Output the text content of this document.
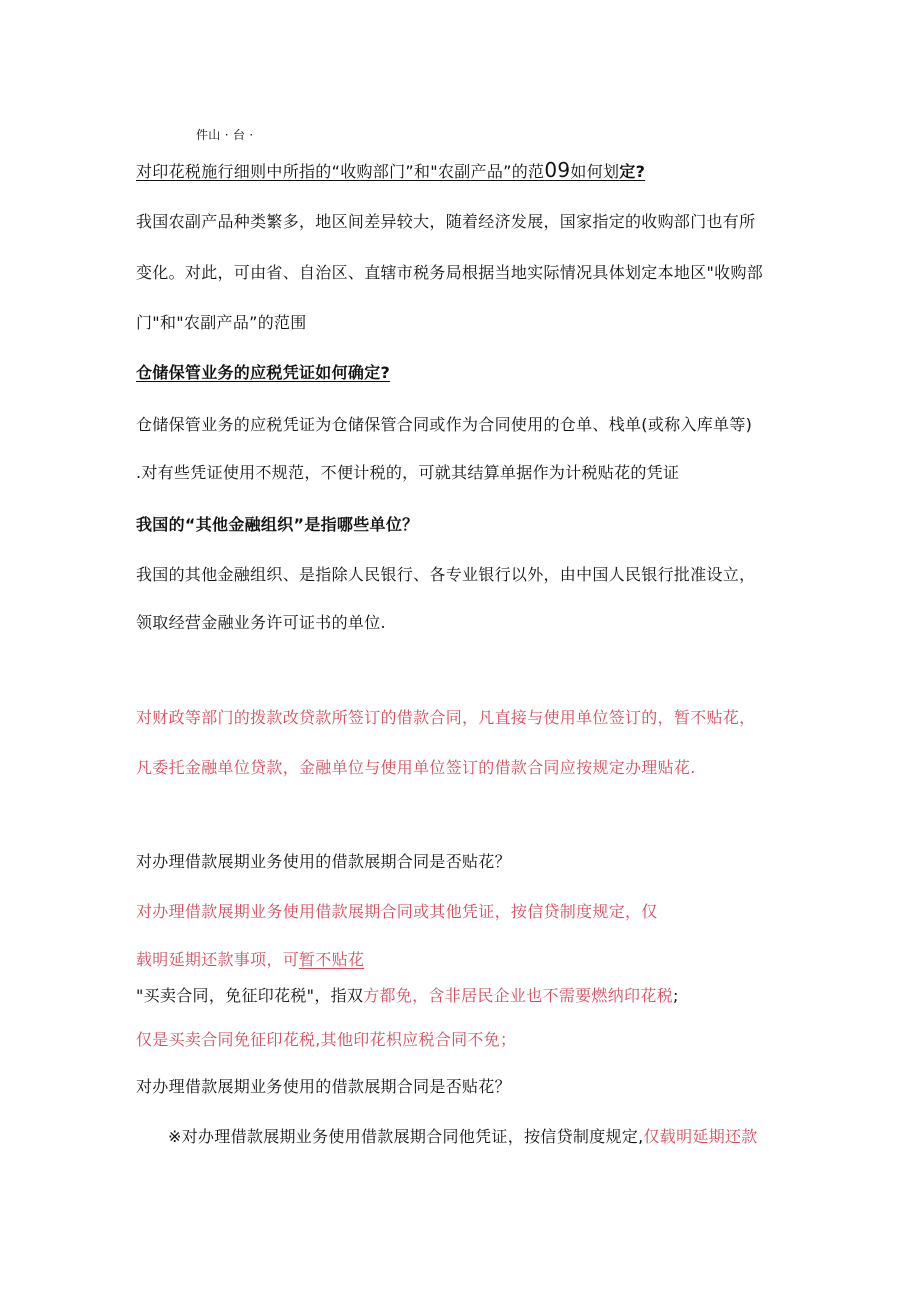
件山 · 台 ·
对印花税施行细则中所指的“收购部门”和"农副产品”的范09如何划定?
我国农副产品种类繁多，地区间差异较大，随着经济发展，国家指定的收购部门也有所
变化。对此，可由省、自治区、直辖市税务局根据当地实际情况具体划定本地区"收购部
门"和"农副产品”的范围
仓储保管业务的应税凭证如何确定?
仓储保管业务的应税凭证为仓储保管合同或作为合同使用的仓单、栈单(或称入库单等)
.对有些凭证使用不规范，不便计税的，可就其结算单据作为计税贴花的凭证
我国的“其他金融组织”是指哪些单位？
我国的其他金融组织、是指除人民银行、各专业银行以外，由中国人民银行批准设立，
领取经营金融业务许可证书的单位.
对财政等部门的拨款改贷款所签订的借款合同，凡直接与使用单位签订的，暂不贴花，
凡委托金融单位贷款，金融单位与使用单位签订的借款合同应按规定办理贴花.
对办理借款展期业务使用的借款展期合同是否贴花？
对办理借款展期业务使用借款展期合同或其他凭证，按信贷制度规定，仅
载明延期还款事项，可暂不贴花
"买卖合同，免征印花税"，指双方都免，含非居民企业也不需要燃纳印花税;
仅是买卖合同免征印花税,其他印花枳应税合同不免；
对办理借款展期业务使用的借款展期合同是否贴花？
※对办理借款展期业务使用借款展期合同他凭证，按信贷制度规定,仅载明延期还款
